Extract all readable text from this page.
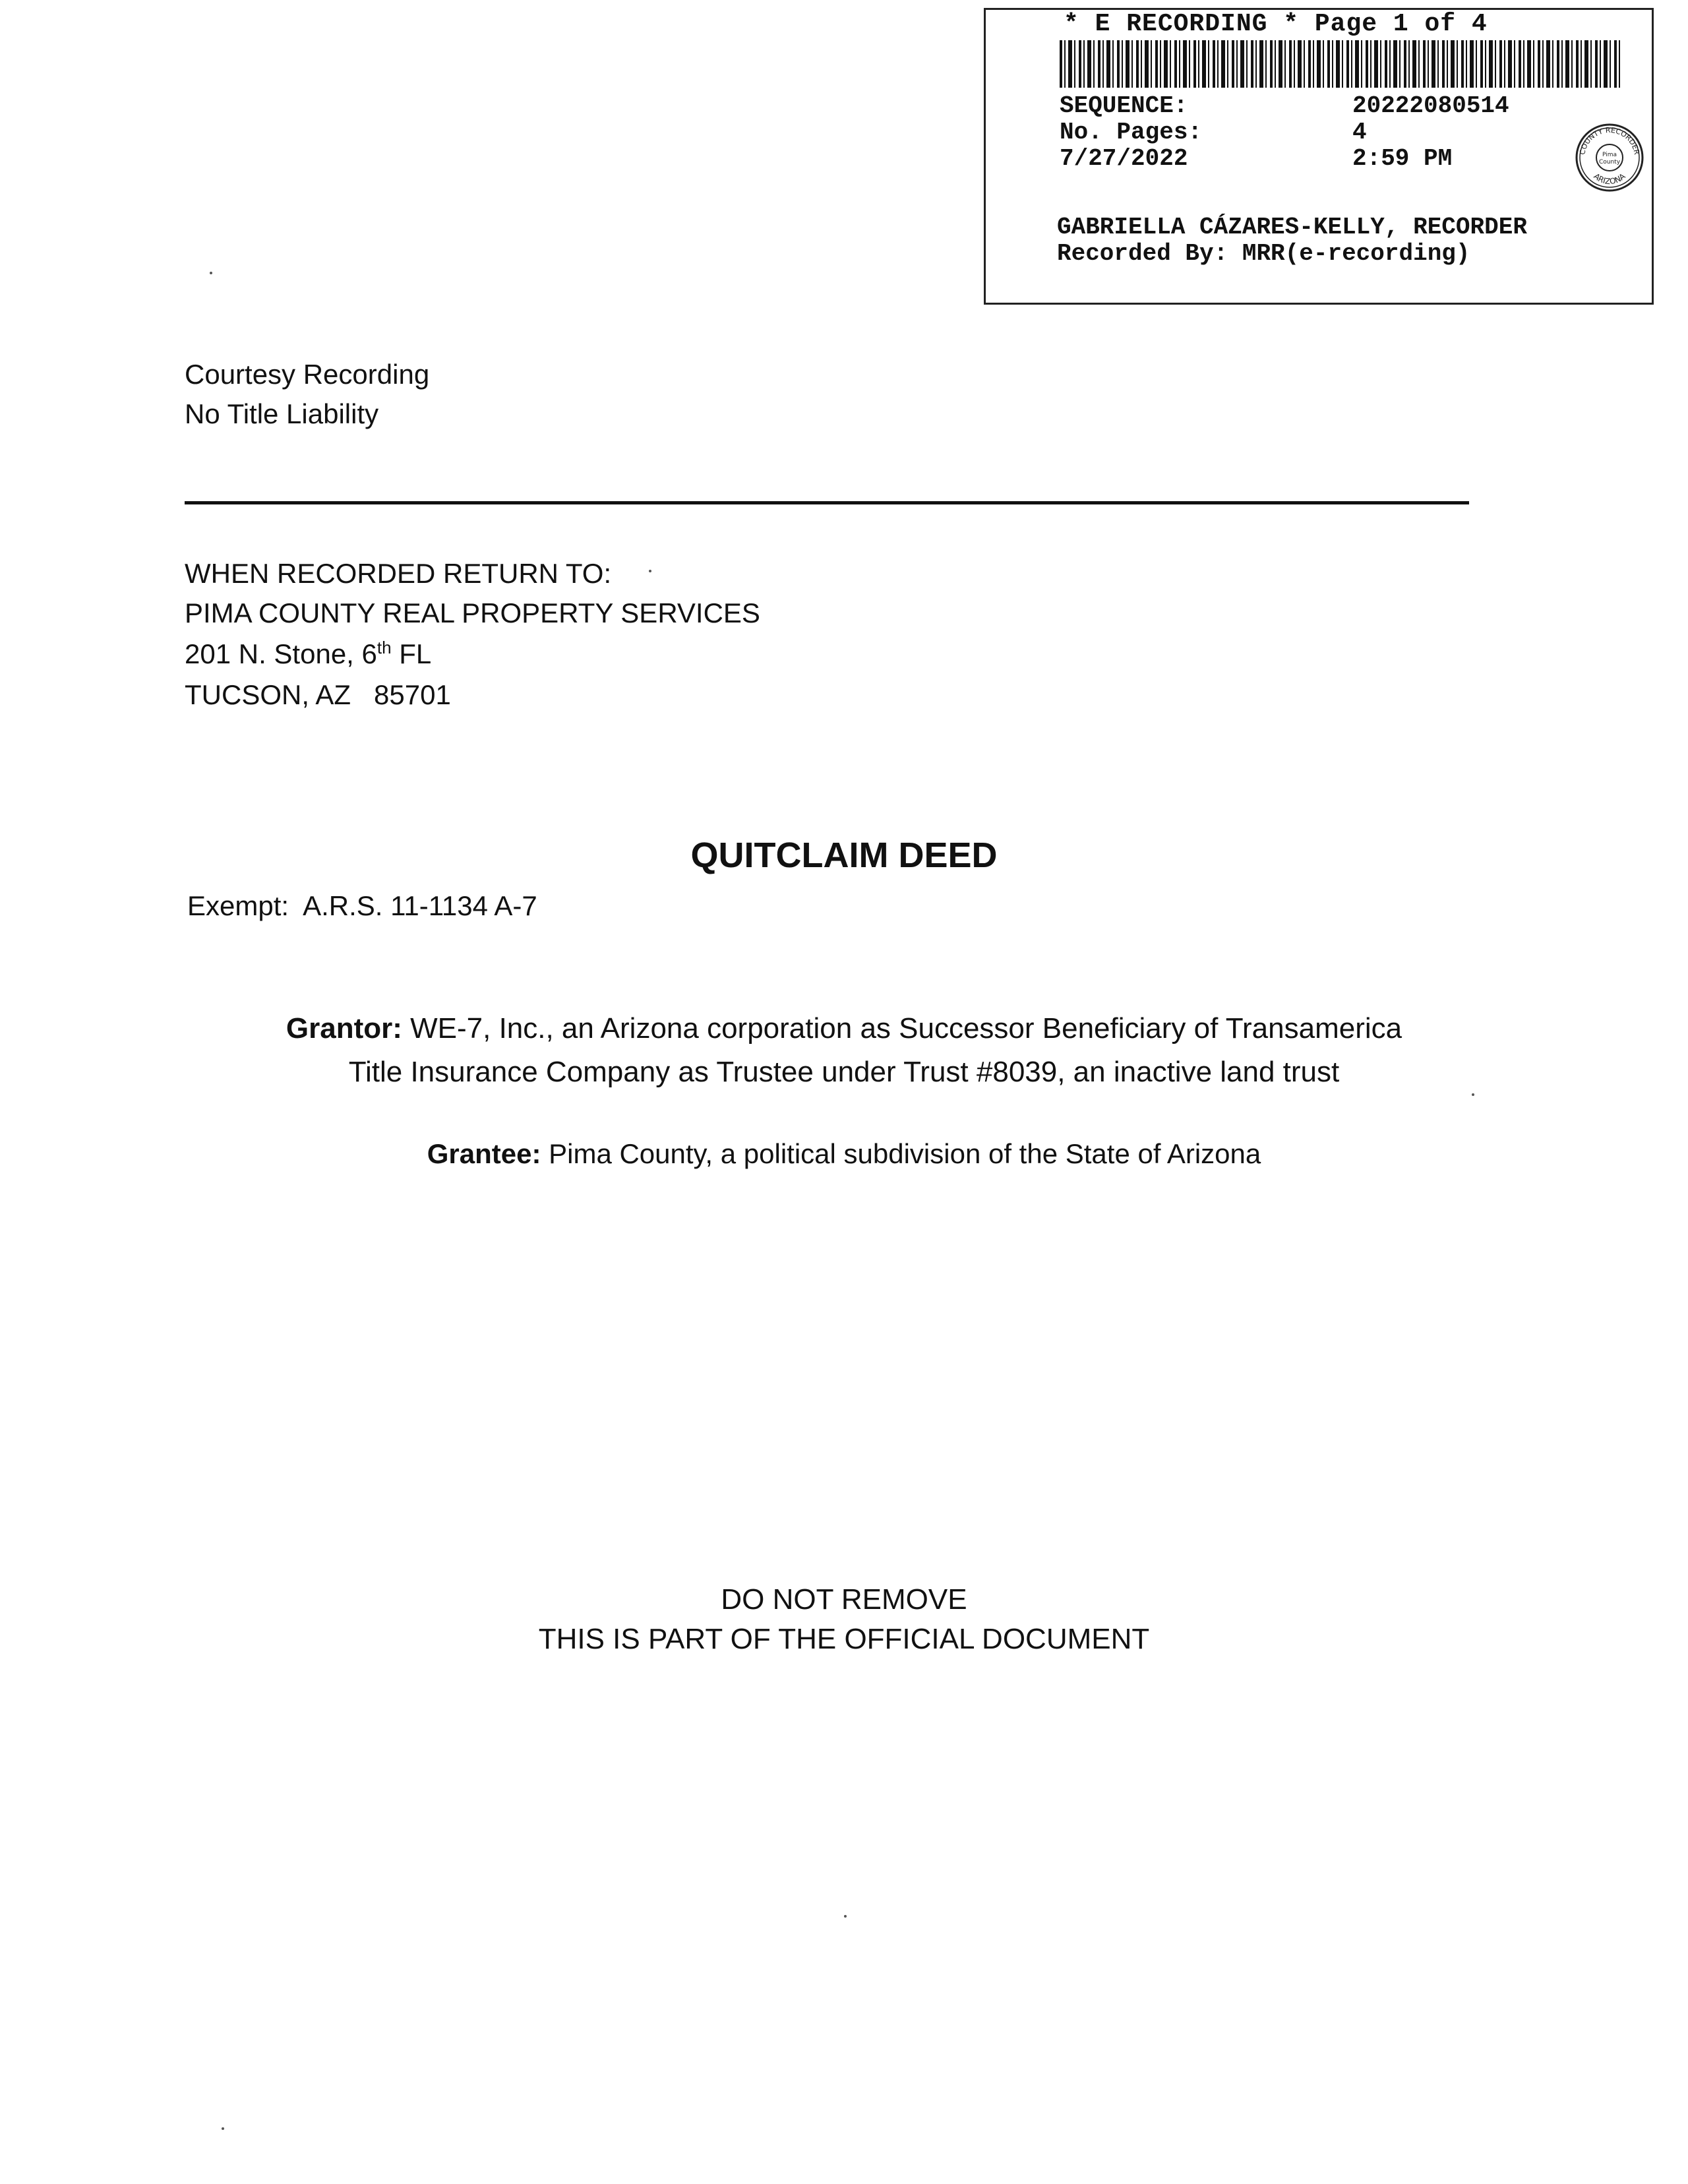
* E RECORDING * Page 1 of 4
SEQUENCE:	20222080514
No. Pages:	4
7/27/2022	2:59 PM	COUNTY RECORDER
ARIZONA
Pima
County
GABRIELLA CÁZARES-KELLY, RECORDER
Recorded By: MRR(e-recording)
Courtesy Recording
No Title Liability
WHEN RECORDED RETURN TO:
PIMA COUNTY REAL PROPERTY SERVICES
201 N. Stone, 6th FL
TUCSON, AZ   85701
QUITCLAIM DEED
Exempt:  A.R.S. 11-1134 A-7
Grantor: WE-7, Inc., an Arizona corporation as Successor Beneficiary of Transamerica
Title Insurance Company as Trustee under Trust #8039, an inactive land trust
Grantee: Pima County, a political subdivision of the State of Arizona
DO NOT REMOVE
THIS IS PART OF THE OFFICIAL DOCUMENT
